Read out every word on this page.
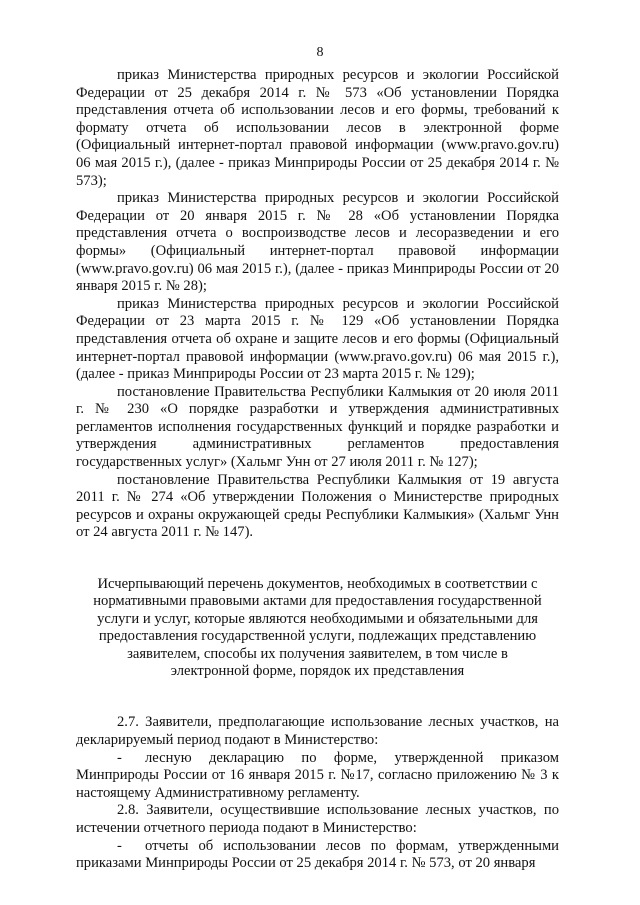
8

приказ Министерства природных ресурсов и экологии Российской Федерации от 25 декабря 2014 г. № 573 «Об установлении Порядка представления отчета об использовании лесов и его формы, требований к формату отчета об использовании лесов в электронной форме (Официальный интернет-портал правовой информации (www.pravo.gov.ru) 06 мая 2015 г.), (далее - приказ Минприроды России от 25 декабря 2014 г. № 573);

приказ Министерства природных ресурсов и экологии Российской Федерации от 20 января 2015 г. № 28 «Об установлении Порядка представления отчета о воспроизводстве лесов и лесоразведении и его формы» (Официальный интернет-портал правовой информации (www.pravo.gov.ru) 06 мая 2015 г.), (далее - приказ Минприроды России от 20 января 2015 г. № 28);

приказ Министерства природных ресурсов и экологии Российской Федерации от 23 марта 2015 г. № 129 «Об установлении Порядка представления отчета об охране и защите лесов и его формы (Официальный интернет-портал правовой информации (www.pravo.gov.ru) 06 мая 2015 г.), (далее - приказ Минприроды России от 23 марта 2015 г. № 129);

постановление Правительства Республики Калмыкия от 20 июля 2011 г. № 230 «О порядке разработки и утверждения административных регламентов исполнения государственных функций и порядке разработки и утверждения административных регламентов предоставления государственных услуг» (Хальмг Унн от 27 июля 2011 г. № 127);

постановление Правительства Республики Калмыкия от 19 августа 2011 г. № 274 «Об утверждении Положения о Министерстве природных ресурсов и охраны окружающей среды Республики Калмыкия» (Хальмг Унн от 24 августа 2011 г. № 147).

Исчерпывающий перечень документов, необходимых в соответствии с нормативными правовыми актами для предоставления государственной услуги и услуг, которые являются необходимыми и обязательными для предоставления государственной услуги, подлежащих представлению заявителем, способы их получения заявителем, в том числе в электронной форме, порядок их представления

2.7. Заявители, предполагающие использование лесных участков, на декларируемый период подают в Министерство:

- лесную декларацию по форме, утвержденной приказом Минприроды России от 16 января 2015 г. №17, согласно приложению № 3 к настоящему Административному регламенту.

2.8. Заявители, осуществившие использование лесных участков, по истечении отчетного периода подают в Министерство:

- отчеты об использовании лесов по формам, утвержденными приказами Минприроды России от 25 декабря 2014 г. № 573, от 20 января
